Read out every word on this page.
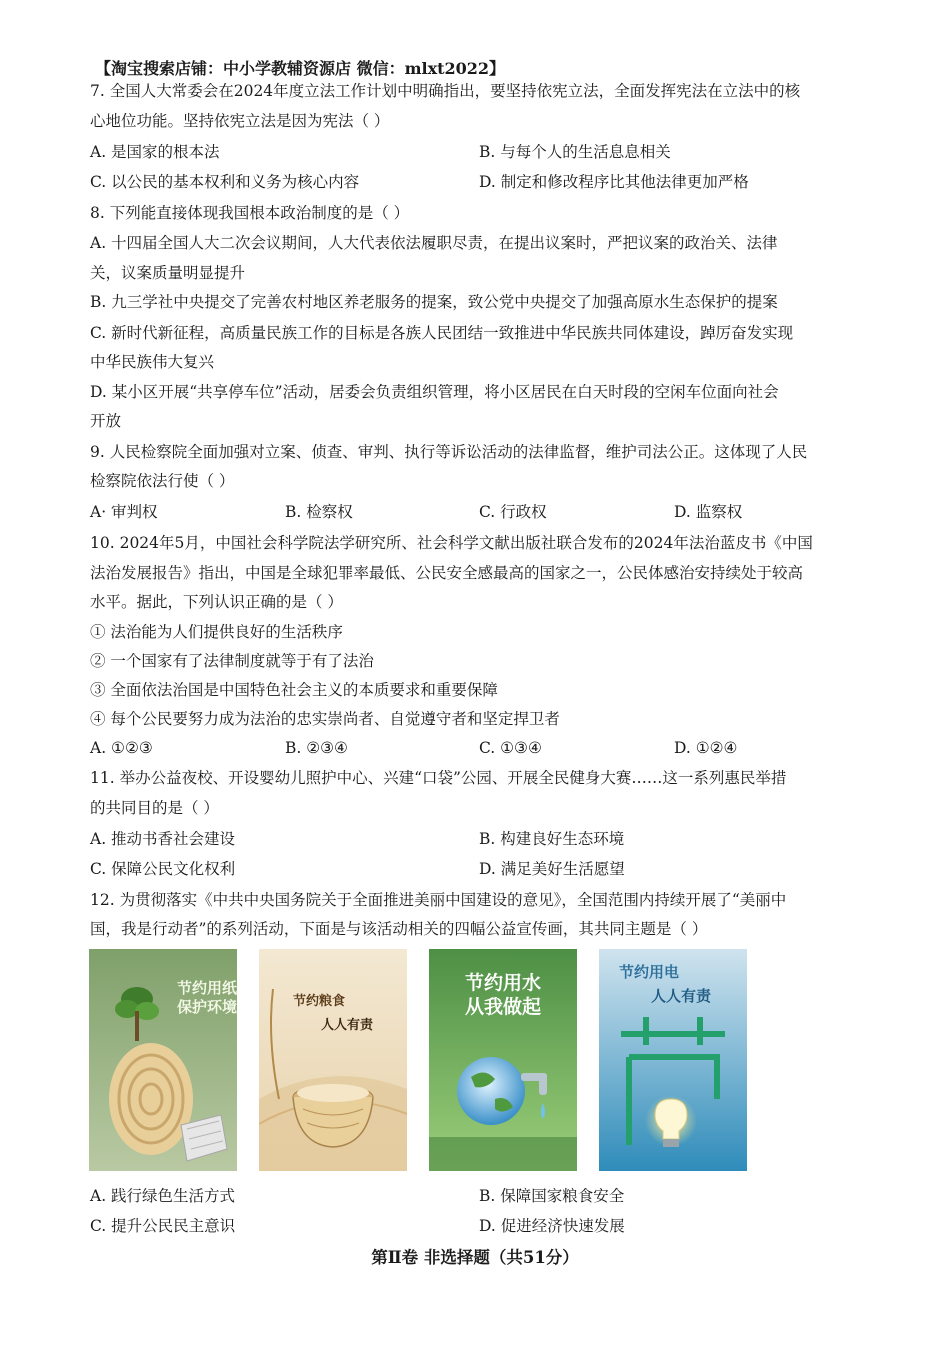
【淘宝搜索店铺：中小学教辅资源店 微信：mlxt2022】
7. 全国人大常委会在2024年度立法工作计划中明确指出，要坚持依宪立法，全面发挥宪法在立法中的核
心地位功能。坚持依宪立法是因为宪法（ ）
A. 是国家的根本法	B. 与每个人的生活息息相关
C. 以公民的基本权利和义务为核心内容	D. 制定和修改程序比其他法律更加严格
8. 下列能直接体现我国根本政治制度的是（ ）
A. 十四届全国人大二次会议期间，人大代表依法履职尽责，在提出议案时，严把议案的政治关、法律
关，议案质量明显提升
B. 九三学社中央提交了完善农村地区养老服务的提案，致公党中央提交了加强高原水生态保护的提案
C. 新时代新征程，高质量民族工作的目标是各族人民团结一致推进中华民族共同体建设，踔厉奋发实现
中华民族伟大复兴
D. 某小区开展“共享停车位”活动，居委会负责组织管理，将小区居民在白天时段的空闲车位面向社会
开放
9. 人民检察院全面加强对立案、侦查、审判、执行等诉讼活动的法律监督，维护司法公正。这体现了人民
检察院依法行使（ ）
A· 审判权	B. 检察权	C. 行政权	D. 监察权
10. 2024年5月，中国社会科学院法学研究所、社会科学文献出版社联合发布的2024年法治蓝皮书《中国
法治发展报告》指出，中国是全球犯罪率最低、公民安全感最高的国家之一，公民体感治安持续处于较高
水平。据此，下列认识正确的是（ ）
① 法治能为人们提供良好的生活秩序
② 一个国家有了法律制度就等于有了法治
③ 全面依法治国是中国特色社会主义的本质要求和重要保障
④ 每个公民要努力成为法治的忠实崇尚者、自觉遵守者和坚定捍卫者
A. ①②③	B. ②③④	C. ①③④	D. ①②④
11. 举办公益夜校、开设婴幼儿照护中心、兴建“口袋”公园、开展全民健身大赛……这一系列惠民举措
的共同目的是（ ）
A. 推动书香社会建设	B. 构建良好生态环境
C. 保障公民文化权利	D. 满足美好生活愿望
12. 为贯彻落实《中共中央国务院关于全面推进美丽中国建设的意见》，全国范围内持续开展了“美丽中
国，我是行动者”的系列活动，下面是与该活动相关的四幅公益宣传画，其共同主题是（ ）
节约用纸
保护环境	节约粮食
人人有责
节约用水
从我做起
节约用电
人人有责
A. 践行绿色生活方式	B. 保障国家粮食安全
C. 提升公民民主意识	D. 促进经济快速发展
第Ⅱ卷 非选择题（共51分）
